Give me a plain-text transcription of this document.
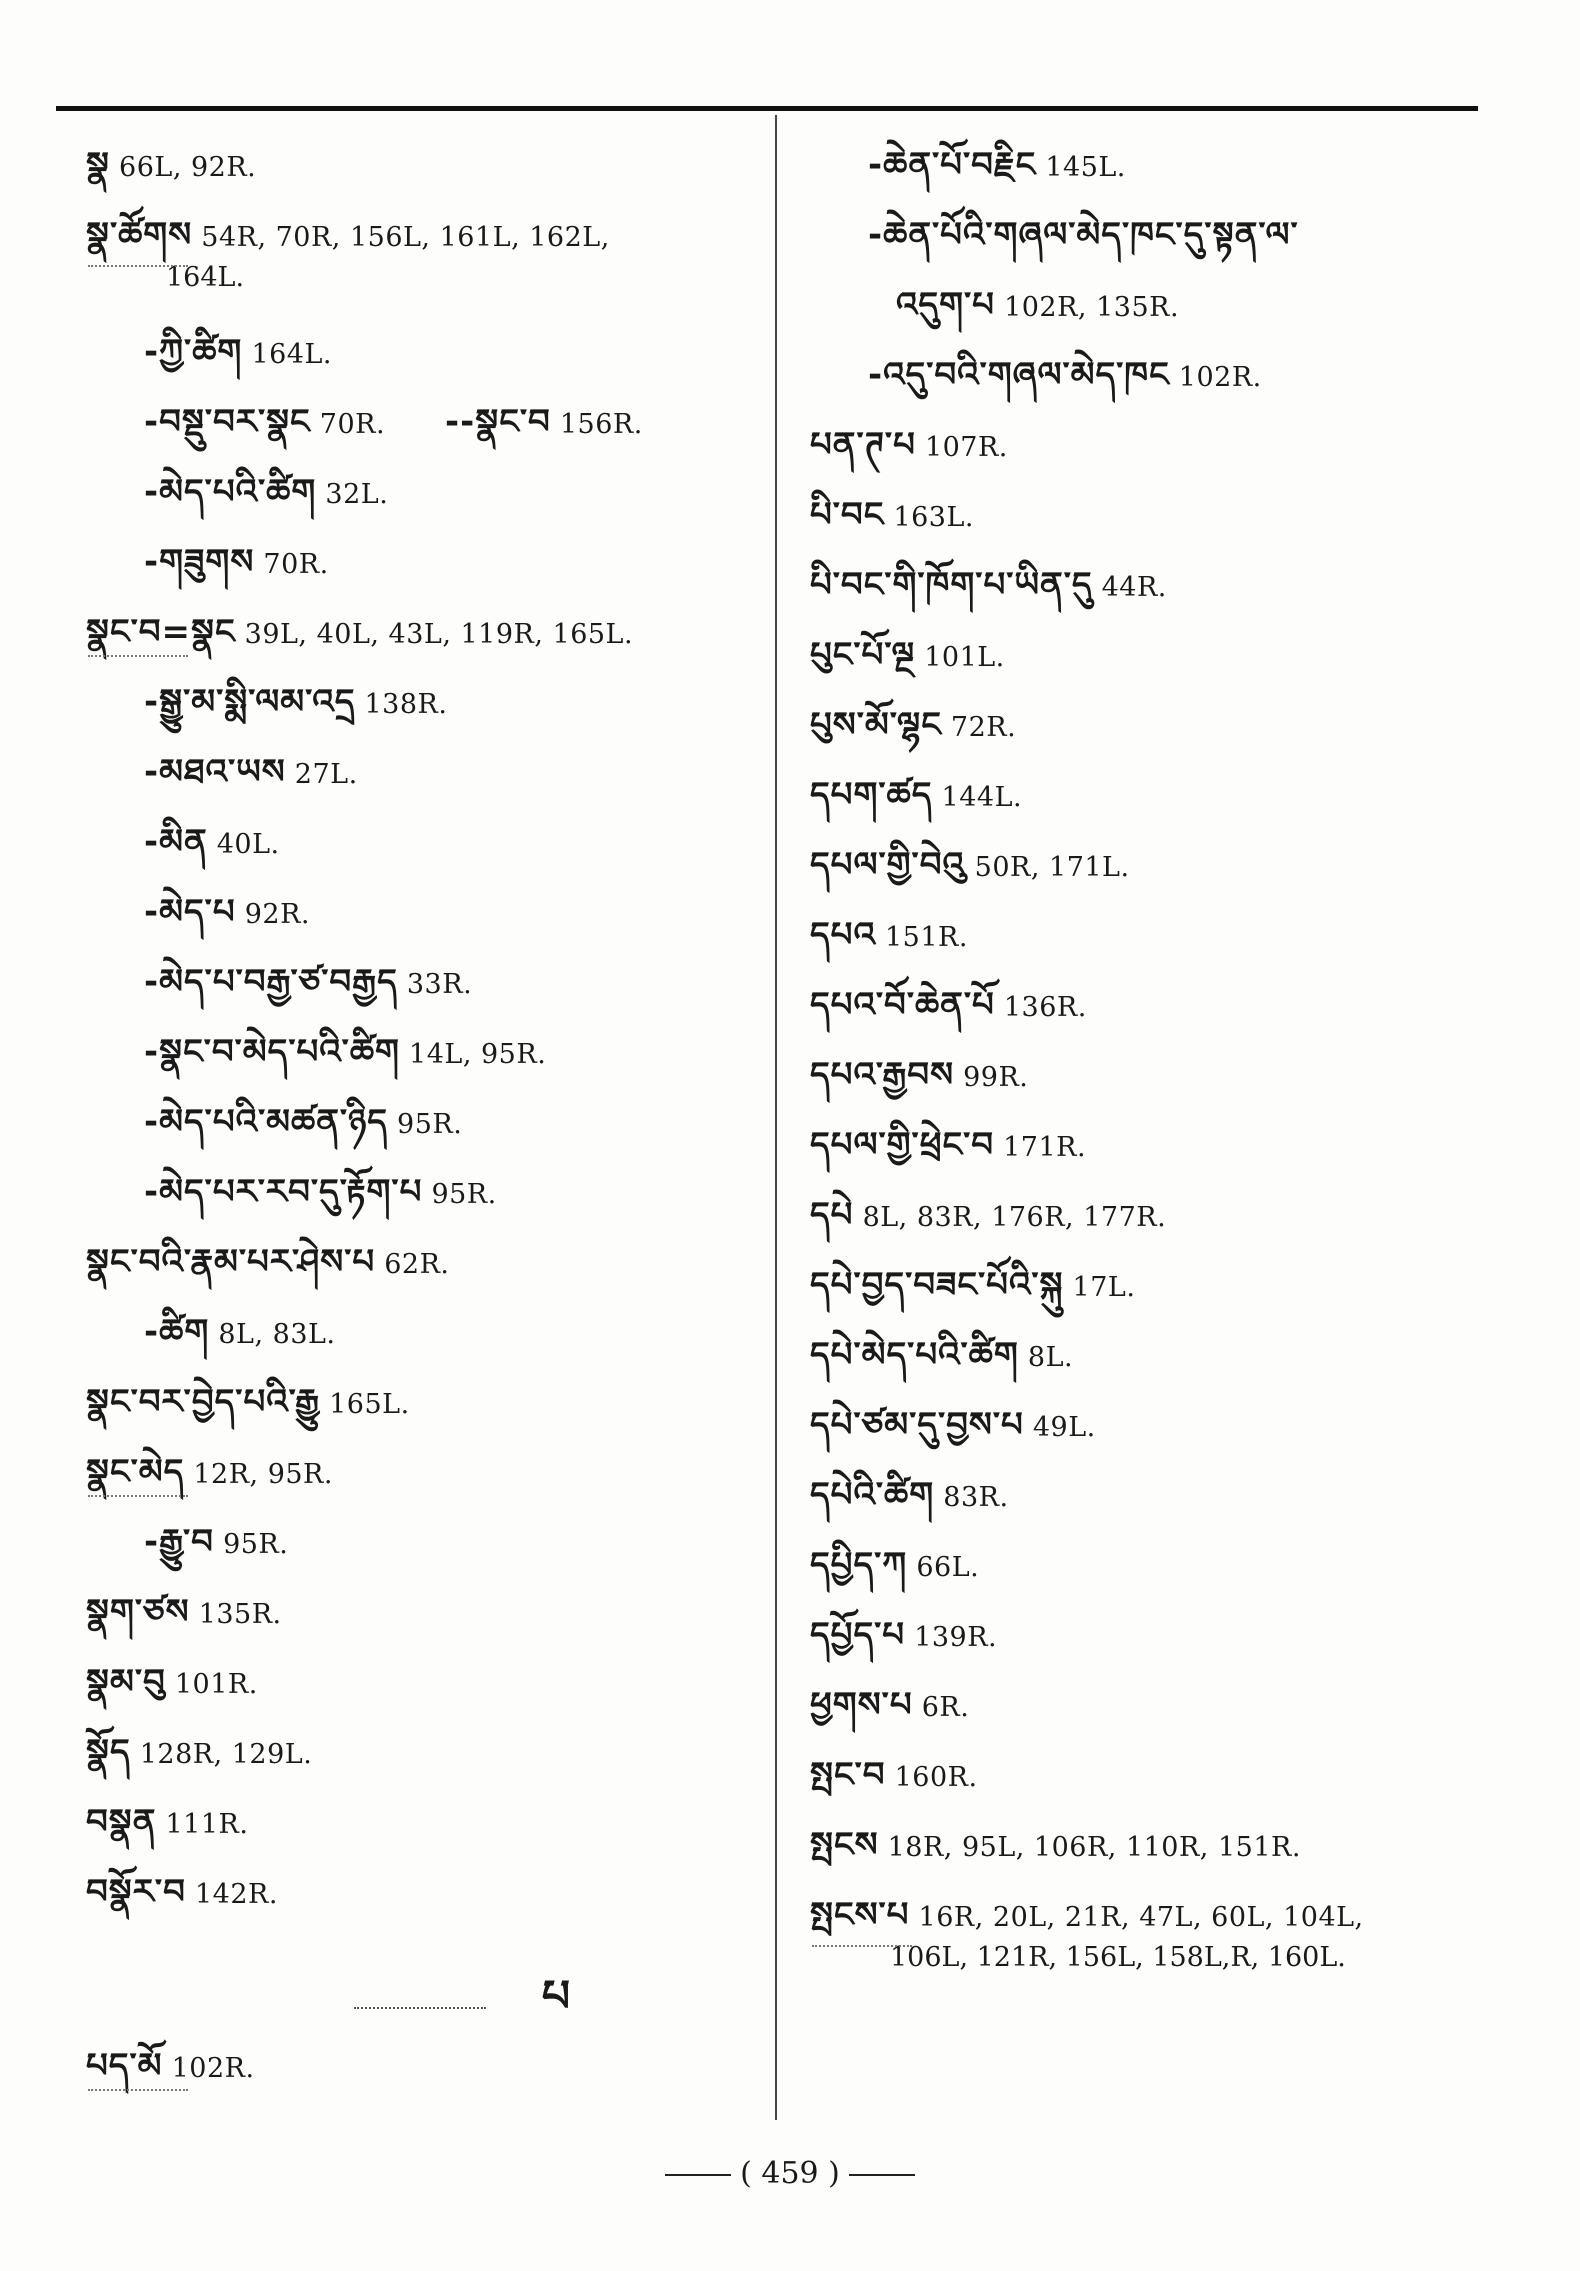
སྣ 66L, 92R.
སྣ་ཚོགས 54R, 70R, 156L, 161L, 162L,
164L.
- ཀྱི་ཚིག 164L.
- བསྡུ་བར་སྣང 70R.- -སྣང་བ 156R.
- མེད་པའི་ཚིག 32L.
- གཟུགས 70R.
སྣང་བ=སྣང 39L, 40L, 43L, 119R, 165L.
- སྒྱུ་མ་སྨི་ལམ་འདྲ 138R.
- མཐའ་ཡས 27L.
- མིན 40L.
- མེད་པ 92R.
- མེད་པ་བརྒྱ་ཙ་བརྒྱད 33R.
- སྣང་བ་མེད་པའི་ཚིག 14L, 95R.
- མེད་པའི་མཚན་ཉིད 95R.
- མེད་པར་རབ་དུ་རྟོག་པ 95R.
སྣང་བའི་རྣམ་པར་ཤེས་པ 62R.
- ཚིག 8L, 83L.
སྣང་བར་བྱེད་པའི་རྒྱུ 165L.
སྣང་མེད 12R, 95R.
- རྒྱུ་བ 95R.
སྣག་ཙས 135R.
སྣམ་བུ 101R.
སྣོད 128R, 129L.
བསྣན 111R.
བསྣོར་བ 142R.
པ
པད་མོ 102R.
- ཆེན་པོ་བརྗིང 145L.
- ཆེན་པོའི་གཞལ་མེད་ཁང་དུ་སྟན་ལ་
འདུག་པ 102R, 135R.
- འདུ་བའི་གཞལ་མེད་ཁང 102R.
པན་ཊ་པ 107R.
པི་བང 163L.
པི་བང་གི་ཁོག་པ་ཡིན་དུ 44R.
པུང་པོ་ལྔ 101L.
པུས་མོ་ལྷང 72R.
དཔག་ཚད 144L.
དཔལ་གྱི་བེའུ 50R, 171L.
དཔའ 151R.
དཔའ་བོ་ཆེན་པོ 136R.
དཔའ་རྒྱབས 99R.
དཔལ་གྱི་ཕྲེང་བ 171R.
དཔེ 8L, 83R, 176R, 177R.
དཔེ་བྱད་བཟང་པོའི་སྐུ 17L.
དཔེ་མེད་པའི་ཚིག 8L.
དཔེ་ཙམ་དུ་བྱས་པ 49L.
དཔེའི་ཚིག 83R.
དཔྱིད་ཀ 66L.
དཔྱོད་པ 139R.
ཕྱགས་པ 6R.
སྤང་བ 160R.
སྤངས 18R, 95L, 106R, 110R, 151R.
སྤངས་པ 16R, 20L, 21R, 47L, 60L, 104L,
106L, 121R, 156L, 158L,R, 160L.
( 459 )
